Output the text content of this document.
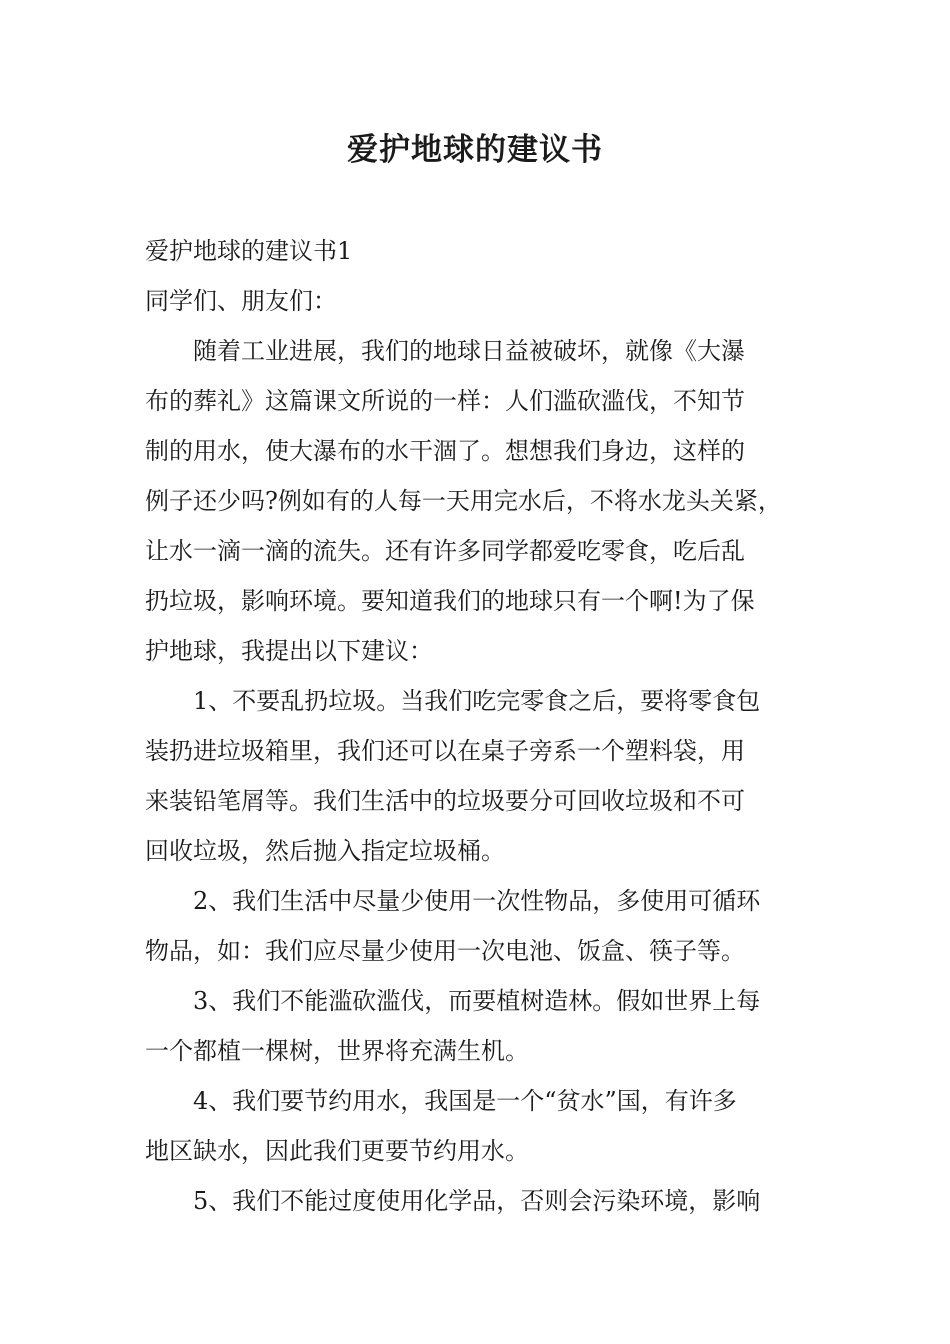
爱护地球的建议书
爱护地球的建议书1
同学们、朋友们：
随着工业进展，我们的地球日益被破坏，就像《大瀑
布的葬礼》这篇课文所说的一样：人们滥砍滥伐，不知节
制的用水，使大瀑布的水干涸了。想想我们身边，这样的
例子还少吗?例如有的人每一天用完水后，不将水龙头关紧，
让水一滴一滴的流失。还有许多同学都爱吃零食，吃后乱
扔垃圾，影响环境。要知道我们的地球只有一个啊!为了保
护地球，我提出以下建议：
1、不要乱扔垃圾。当我们吃完零食之后，要将零食包
装扔进垃圾箱里，我们还可以在桌子旁系一个塑料袋，用
来装铅笔屑等。我们生活中的垃圾要分可回收垃圾和不可
回收垃圾，然后抛入指定垃圾桶。
2、我们生活中尽量少使用一次性物品，多使用可循环
物品，如：我们应尽量少使用一次电池、饭盒、筷子等。
3、我们不能滥砍滥伐，而要植树造林。假如世界上每
一个都植一棵树，世界将充满生机。
4、我们要节约用水，我国是一个“贫水”国，有许多
地区缺水，因此我们更要节约用水。
5、我们不能过度使用化学品，否则会污染环境，影响
